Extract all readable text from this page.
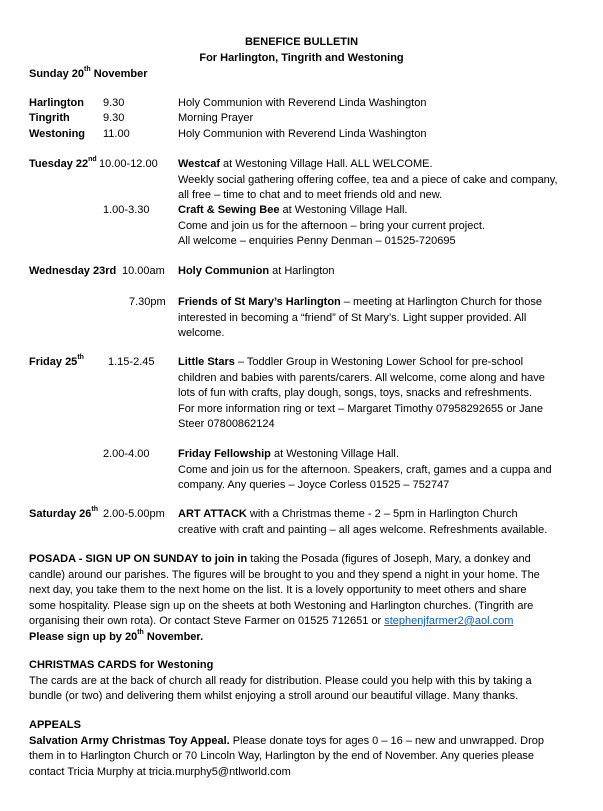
BENEFICE BULLETIN
For Harlington, Tingrith and Westoning
Sunday 20th November
Harlington 9.30	Holy Communion with Reverend Linda Washington
Tingrith	9.30	Morning Prayer
Westoning 11.00	Holy Communion with Reverend Linda Washington
Tuesday 22nd 10.00-12.00 Westcaf at Westoning Village Hall. ALL WELCOME.
Weekly social gathering offering coffee, tea and a piece of cake and company,
all free – time to chat and to meet friends old and new.
1.00-3.30	Craft & Sewing Bee at Westoning Village Hall.
Come and join us for the afternoon – bring your current project.
All welcome – enquiries Penny Denman – 01525-720695
Wednesday 23rd 10.00am Holy Communion at Harlington
7.30pm Friends of St Mary’s Harlington – meeting at Harlington Church for those
interested in becoming a “friend” of St Mary’s. Light supper provided. All
welcome.
Friday 25th 1.15-2.45 Little Stars – Toddler Group in Westoning Lower School for pre-school
children and babies with parents/carers. All welcome, come along and have
lots of fun with crafts, play dough, songs, toys, snacks and refreshments.
For more information ring or text – Margaret Timothy 07958292655 or Jane
Steer 07800862124
2.00-4.00	Friday Fellowship at Westoning Village Hall.
Come and join us for the afternoon. Speakers, craft, games and a cuppa and
company. Any queries – Joyce Corless 01525 – 752747
Saturday 26th 2.00-5.00pm ART ATTACK with a Christmas theme - 2 – 5pm in Harlington Church
creative with craft and painting – all ages welcome. Refreshments available.
POSADA - SIGN UP ON SUNDAY to join in taking the Posada (figures of Joseph, Mary, a donkey and
candle) around our parishes. The figures will be brought to you and they spend a night in your home. The
next day, you take them to the next home on the list. It is a lovely opportunity to meet others and share
some hospitality. Please sign up on the sheets at both Westoning and Harlington churches. (Tingrith are
organising their own rota). Or contact Steve Farmer on 01525 712651 or stephenjfarmer2@aol.com
Please sign up by 20th November.
CHRISTMAS CARDS for Westoning
The cards are at the back of church all ready for distribution. Please could you help with this by taking a
bundle (or two) and delivering them whilst enjoying a stroll around our beautiful village. Many thanks.
APPEALS
Salvation Army Christmas Toy Appeal. Please donate toys for ages 0 – 16 – new and unwrapped. Drop
them in to Harlington Church or 70 Lincoln Way, Harlington by the end of November. Any queries please
contact Tricia Murphy at tricia.murphy5@ntlworld.com
